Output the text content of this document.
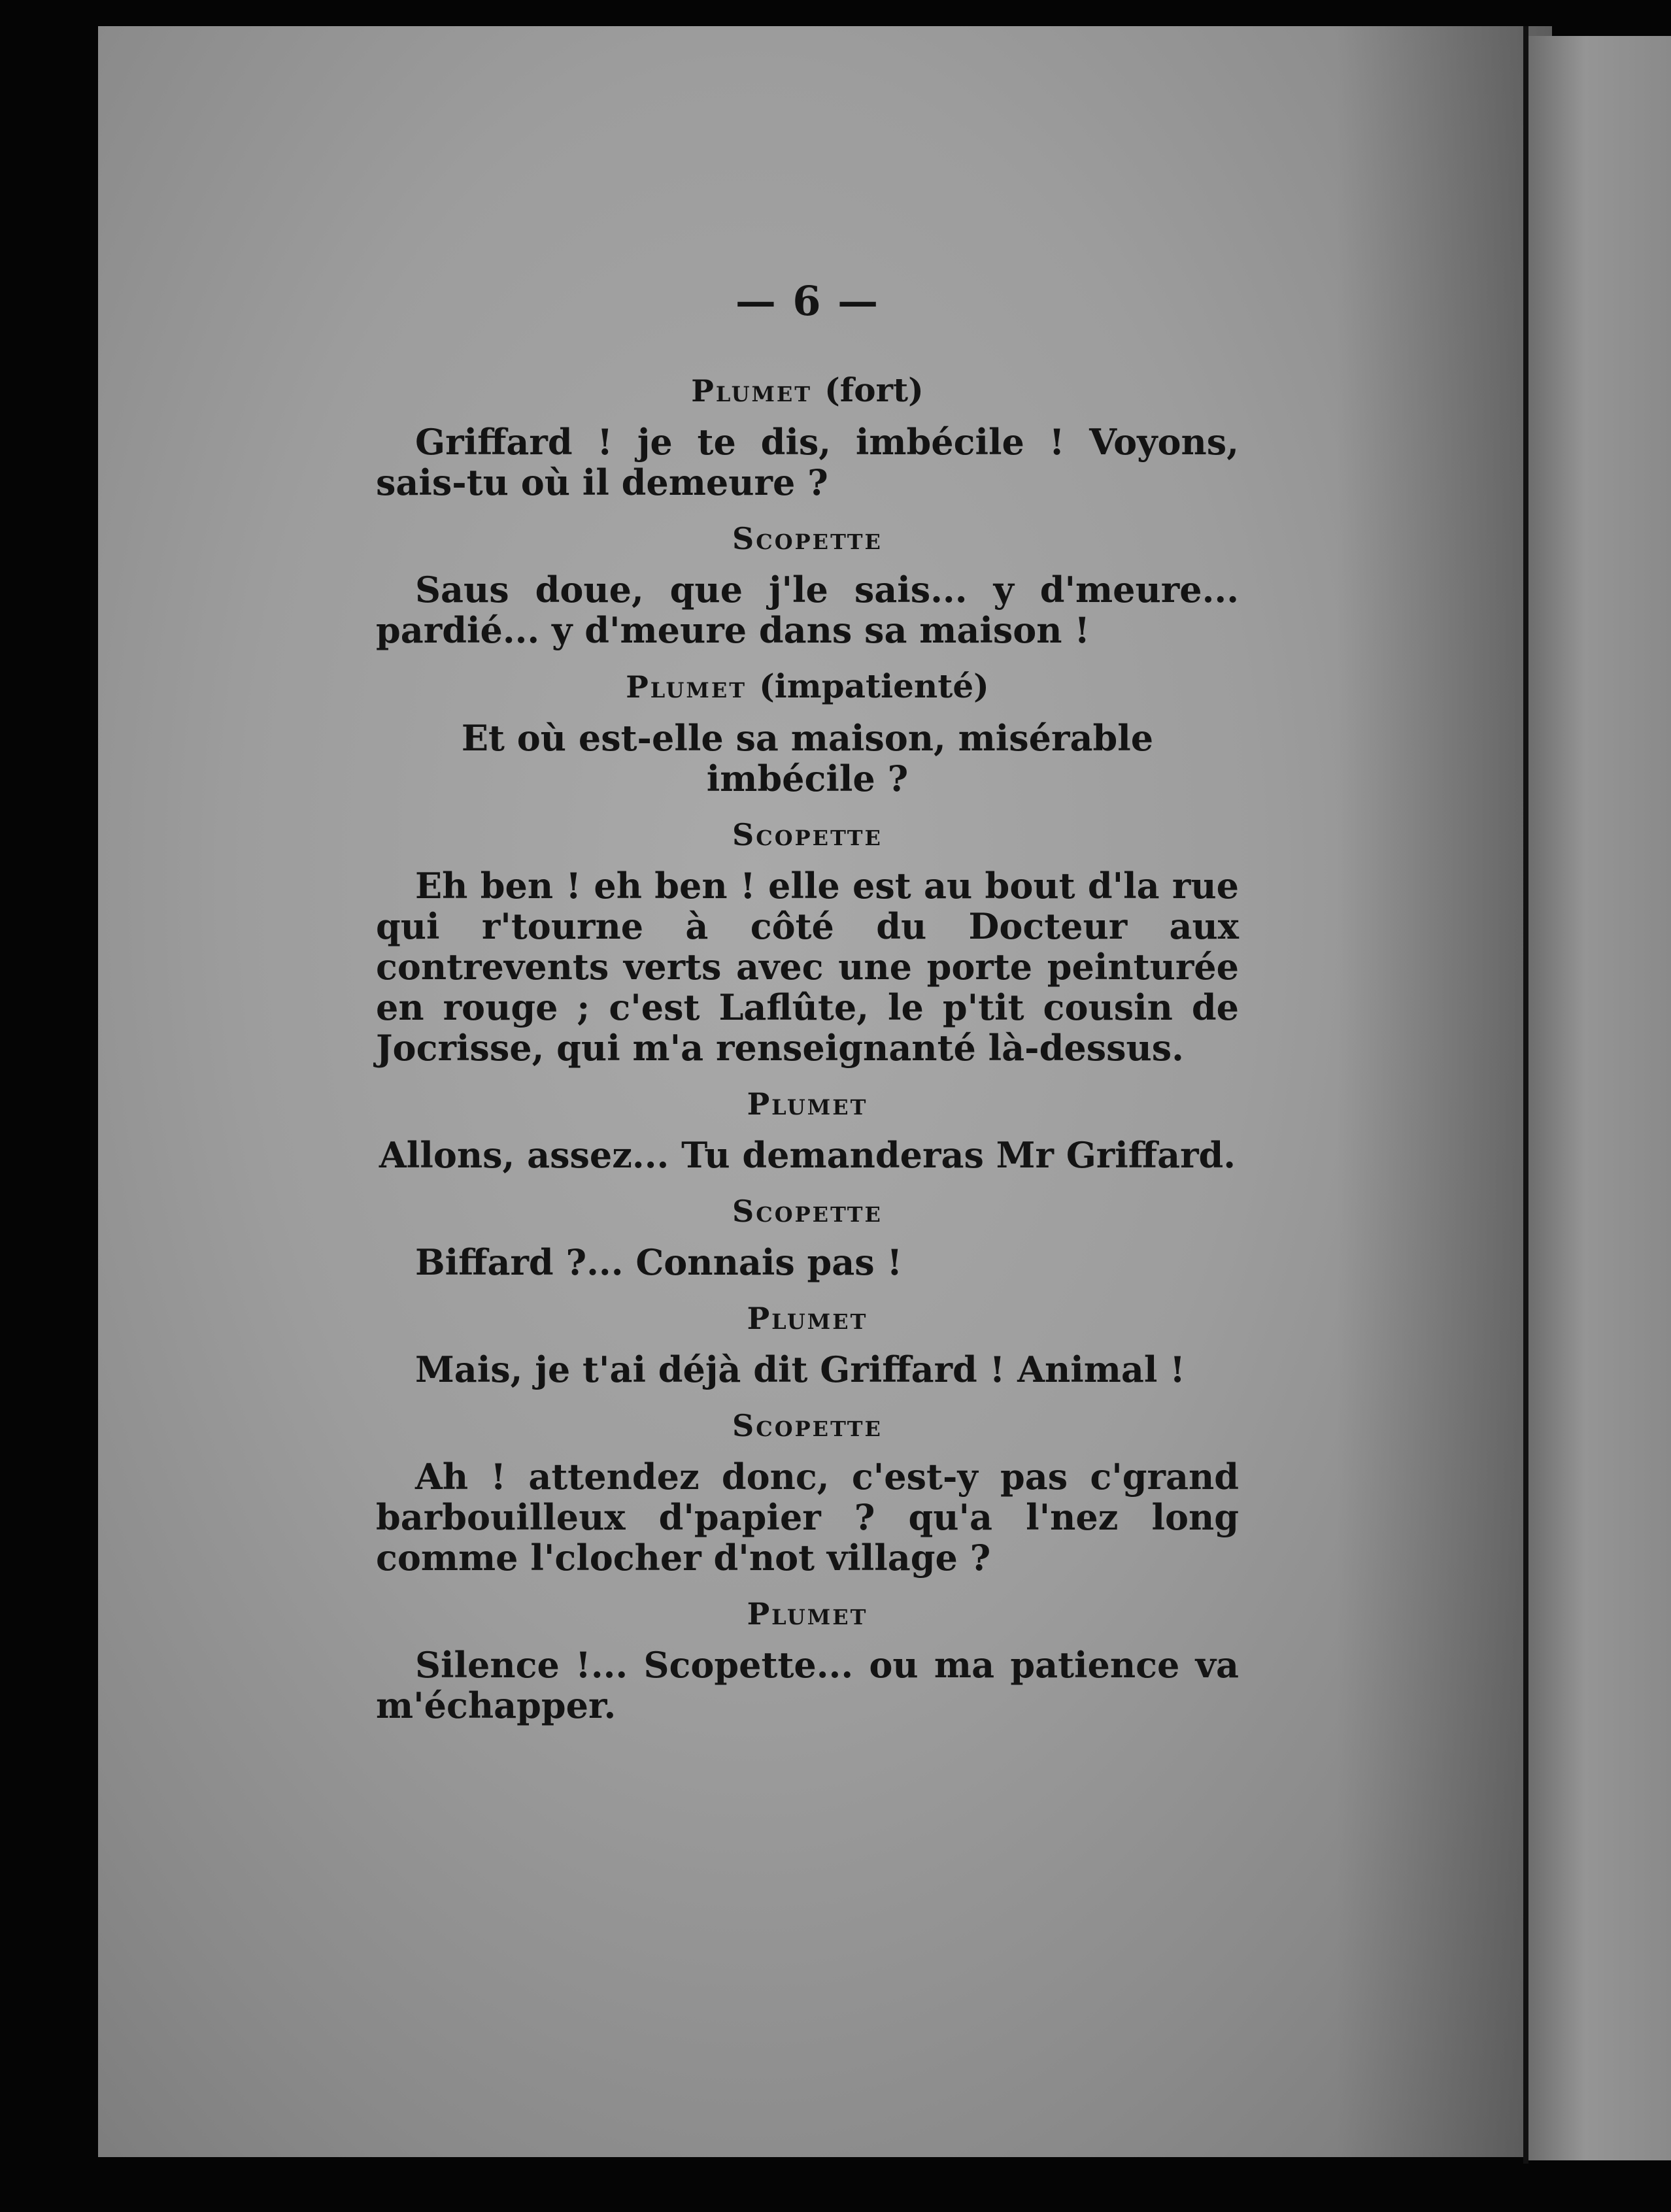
— 6 —
Plumet (fort)
Griffard ! je te dis, imbécile ! Voyons, sais-tu où il demeure ?
Scopette
Saus doue, que j'le sais... y d'meure... pardié... y d'meure dans sa maison !
Plumet (impatienté)
Et où est-elle sa maison, misérable imbécile ?
Scopette
Eh ben ! eh ben ! elle est au bout d'la rue qui r'tourne à côté du Docteur aux contrevents verts avec une porte peinturée en rouge ; c'est Laflûte, le p'tit cousin de Jocrisse, qui m'a renseignanté là-dessus.
Plumet
Allons, assez... Tu demanderas Mr Griffard.
Scopette
Biffard ?... Connais pas !
Plumet
Mais, je t'ai déjà dit Griffard ! Animal !
Scopette
Ah ! attendez donc, c'est-y pas c'grand barbouilleux d'papier ? qu'a l'nez long comme l'clocher d'not village ?
Plumet
Silence !... Scopette... ou ma patience va m'échapper.
